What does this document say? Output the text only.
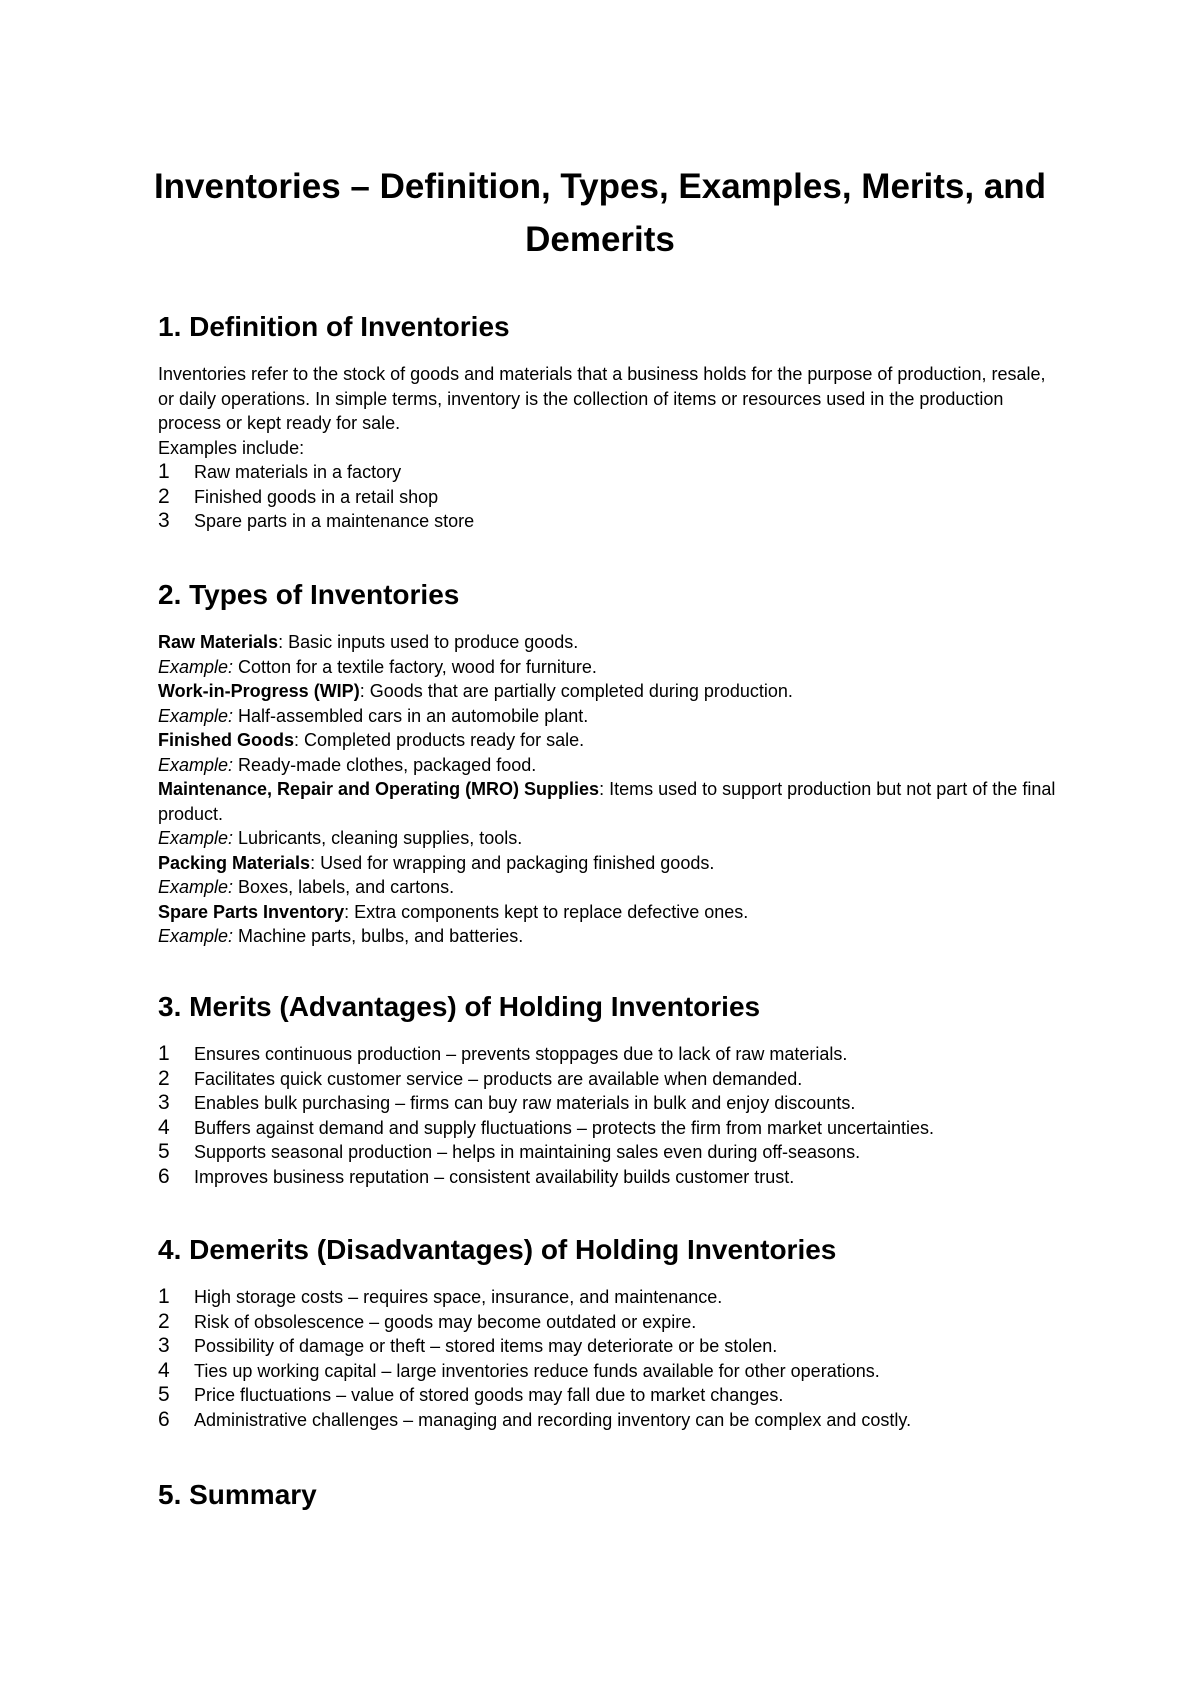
Inventories – Definition, Types, Examples, Merits, and Demerits
1. Definition of Inventories

Inventories refer to the stock of goods and materials that a business holds for the purpose of production, resale, or daily operations. In simple terms, inventory is the collection of items or resources used in the production process or kept ready for sale.

Examples include:

1	Raw materials in a factory
2	Finished goods in a retail shop
3	Spare parts in a maintenance store
2. Types of Inventories

Raw Materials: Basic inputs used to produce goods.

Example: Cotton for a textile factory, wood for furniture.

Work-in-Progress (WIP): Goods that are partially completed during production.

Example: Half-assembled cars in an automobile plant.

Finished Goods: Completed products ready for sale.

Example: Ready-made clothes, packaged food.

Maintenance, Repair and Operating (MRO) Supplies: Items used to support production but not part of the final product.

Example: Lubricants, cleaning supplies, tools.

Packing Materials: Used for wrapping and packaging finished goods.

Example: Boxes, labels, and cartons.

Spare Parts Inventory: Extra components kept to replace defective ones.

Example: Machine parts, bulbs, and batteries.

3. Merits (Advantages) of Holding Inventories
1	Ensures continuous production – prevents stoppages due to lack of raw materials.
2	Facilitates quick customer service – products are available when demanded.
3	Enables bulk purchasing – firms can buy raw materials in bulk and enjoy discounts.
4	Buffers against demand and supply fluctuations – protects the firm from market uncertainties.
5	Supports seasonal production – helps in maintaining sales even during off-seasons.
6	Improves business reputation – consistent availability builds customer trust.
4. Demerits (Disadvantages) of Holding Inventories
1	High storage costs – requires space, insurance, and maintenance.
2	Risk of obsolescence – goods may become outdated or expire.
3	Possibility of damage or theft – stored items may deteriorate or be stolen.
4	Ties up working capital – large inventories reduce funds available for other operations.
5	Price fluctuations – value of stored goods may fall due to market changes.
6	Administrative challenges – managing and recording inventory can be complex and costly.
5. Summary
